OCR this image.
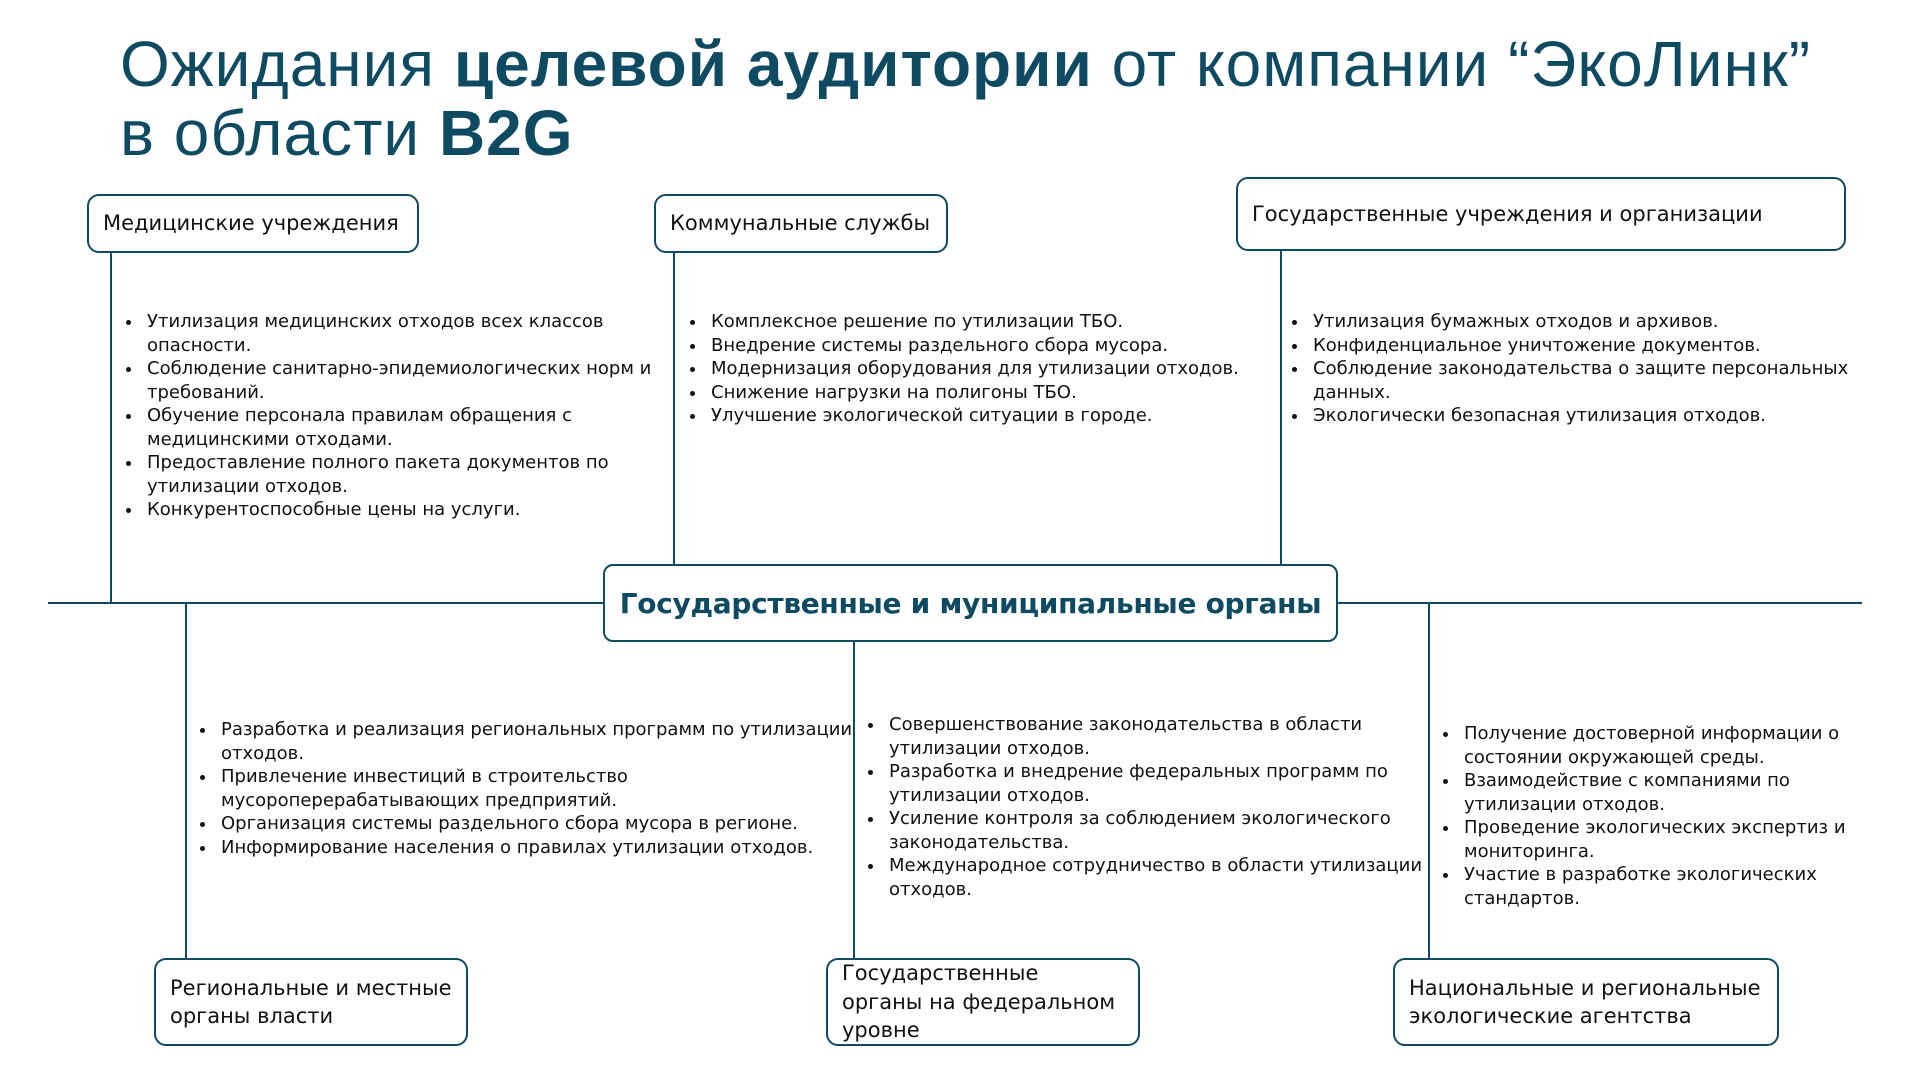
Ожидания целевой аудитории от компании “ЭкоЛинк”
в области B2G
Медицинские учреждения	Коммунальные службы	Государственные учреждения и организации
• Утилизация медицинских отходов всех классов опасности.
• Соблюдение санитарно-эпидемиологических норм и требований.
• Обучение персонала правилам обращения с медицинскими отходами.
• Предоставление полного пакета документов по утилизации отходов.
• Конкурентоспособные цены на услуги.
• Комплексное решение по утилизации ТБО.
• Внедрение системы раздельного сбора мусора.
• Модернизация оборудования для утилизации отходов.
• Снижение нагрузки на полигоны ТБО.
• Улучшение экологической ситуации в городе.
• Утилизация бумажных отходов и архивов.
• Конфиденциальное уничтожение документов.
• Соблюдение законодательства о защите персональных данных.
• Экологически безопасная утилизация отходов.
Государственные и муниципальные органы
• Разработка и реализация региональных программ по утилизации отходов.
• Привлечение инвестиций в строительство мусороперерабатывающих предприятий.
• Организация системы раздельного сбора мусора в регионе.
• Информирование населения о правилах утилизации отходов.
• Совершенствование законодательства в области утилизации отходов.
• Разработка и внедрение федеральных программ по утилизации отходов.
• Усиление контроля за соблюдением экологического законодательства.
• Международное сотрудничество в области утилизации отходов.
• Получение достоверной информации о состоянии окружающей среды.
• Взаимодействие с компаниями по утилизации отходов.
• Проведение экологических экспертиз и мониторинга.
• Участие в разработке экологических стандартов.
Региональные и местные органы власти
Государственные органы на федеральном уровне
Национальные и региональные экологические агентства
